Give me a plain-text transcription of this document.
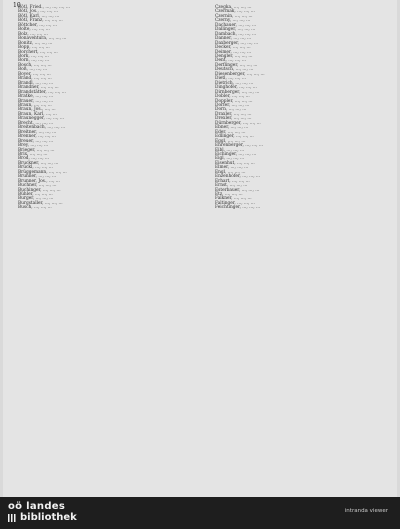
10
Bötl, Fried., ..., ..., ..., ...
Bötl, Jos., ..., ..., ...
Bötl, Karl, ..., ..., ...
Bötl, Franz, ..., ..., ...
Böttcher, ..., ..., ...
Bolte, ..., ..., ...
Bolz, ..., ..., ...
Bonaventura, ..., ..., ...
Bonitz, ..., ..., ...
Bopp, ..., ..., ...
Borchert, ..., ..., ...
Bork, ..., ..., ...
Born, ..., ..., ...
Bosch, ..., ..., ...
Boß, ..., ..., ...
Boyer, ..., ..., ...
Brand, ..., ..., ...
Brandl, ..., ..., ...
Brandner, ..., ..., ...
Brandstätter, ..., ..., ...
Bratke, ..., ..., ...
Brauer, ..., ..., ...
Braun, ..., ..., ...
Braun, Jos., ..., ...
Braun, Karl, ..., ...
Braunegger, ..., ..., ...
Brecht, ..., ..., ...
Breitenbach, ..., ..., ...
Breitner, ..., ..., ...
Brenner, ..., ..., ...
Breuer, ..., ..., ...
Brey, ..., ..., ...
Brieger, ..., ..., ...
Brix, ..., ..., ...
Brod, ..., ..., ...
Bruckner, ..., ..., ...
Brückl, ..., ..., ...
Brüggemann, ..., ..., ...
Brunner, ..., ..., ...
Brunner, Jos., ..., ...
Buchner, ..., ..., ...
Buchinger, ..., ..., ...
Bühler, ..., ..., ...
Burger, ..., ..., ...
Burgstaller, ..., ..., ...
Busch, ..., ..., ...
Czegka, ..., ..., ...
Czermak, ..., ..., ...
Czernin, ..., ..., ...
Czerny, ..., ..., ...
Dachauer, ..., ..., ...
Dallinger, ..., ..., ...
Dambach, ..., ..., ...
Danner, ..., ..., ...
Daxberger, ..., ..., ...
Decker, ..., ..., ...
Deimer, ..., ..., ...
Dengler, ..., ..., ...
Dent, ..., ..., ...
Derflinger, ..., ..., ...
Deutsch, ..., ..., ...
Diesenberger, ..., ..., ...
Dietl, ..., ..., ...
Dietrich, ..., ..., ...
Dinghofer, ..., ..., ...
Dirnberger, ..., ..., ...
Dobler, ..., ..., ...
Doppler, ..., ..., ...
Dorfer, ..., ..., ...
Dorn, ..., ..., ...
Draxler, ..., ..., ...
Drexler, ..., ..., ...
Dürnberger, ..., ..., ...
Ebner, ..., ..., ...
Eder, ..., ..., ...
Edlinger, ..., ..., ...
Eggl, ..., ..., ...
Ehrenberger, ..., ..., ...
Eibl, ..., ..., ...
Eichinger, ..., ..., ...
Eigl, ..., ..., ...
Eisenhut, ..., ..., ...
Elmer, ..., ..., ...
Engl, ..., ..., ...
Enzenhofer, ..., ..., ...
Erhart, ..., ..., ...
Ernst, ..., ..., ...
Esterbauer, ..., ..., ...
Etz, ..., ..., ...
Falkner, ..., ..., ...
Faltinger, ..., ..., ...
Feichtinger, ..., ..., ...
oö landes
bibliothek
intranda viewer
